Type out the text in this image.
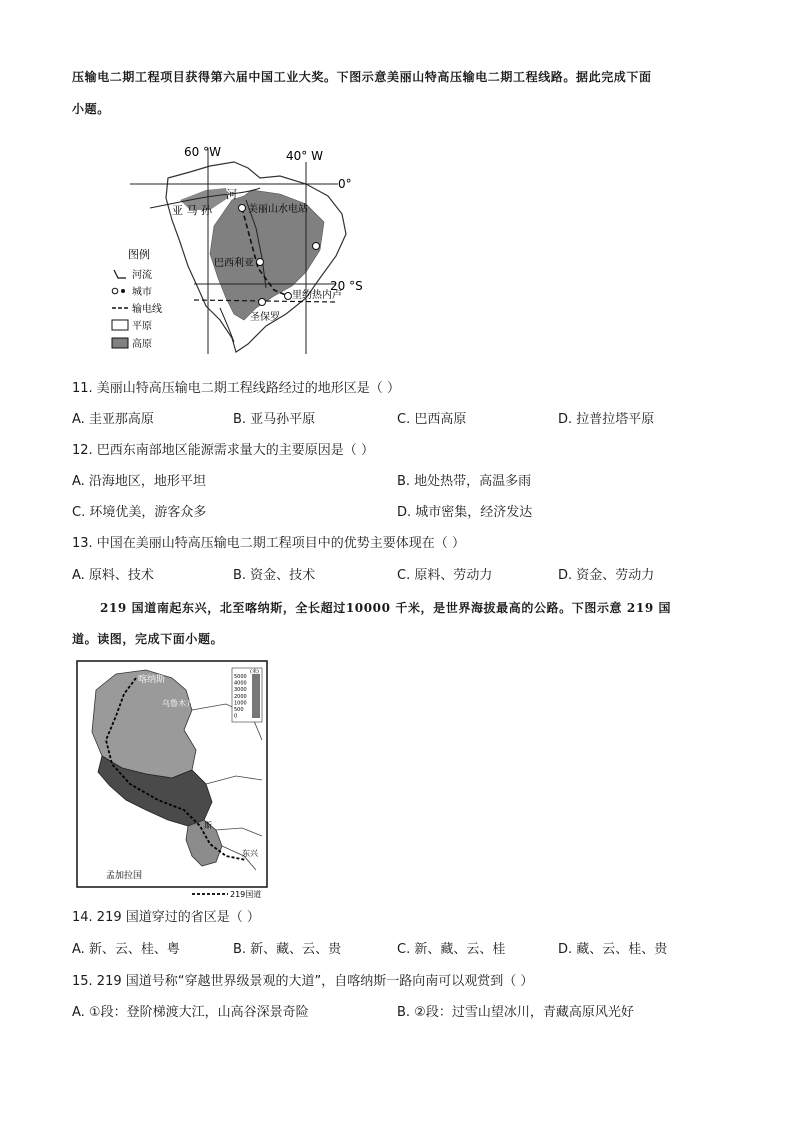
压输电二期工程项目获得第六届中国工业大奖。下图示意美丽山特高压输电二期工程线路。据此完成下面
小题。
60 °W	40° W
0°
20 °S
河
亚 马 孙	美丽山水电站
巴西利亚
里约热内卢
圣保罗
图例
河流
城市
输电线
平原
高原
11. 美丽山特高压输电二期工程线路经过的地形区是（ ）
A. 圭亚那高原	B. 亚马孙平原	C. 巴西高原	D. 拉普拉塔平原
12. 巴西东南部地区能源需求量大的主要原因是（ ）
A. 沿海地区，地形平坦	B. 地处热带，高温多雨
C. 环境优美，游客众多	D. 城市密集，经济发达
13. 中国在美丽山特高压输电二期工程项目中的优势主要体现在（ ）
A. 原料、技术	B. 资金、技术	C. 原料、劳动力	D. 资金、劳动力
219 国道南起东兴，北至喀纳斯，全长超过10000 千米，是世界海拔最高的公路。下图示意 219 国
道。读图，完成下面小题。
5000
4000
3000
2000
1000
500
0
(米)
喀纳斯
乌鲁木齐
斯
东兴
孟加拉国
219国道
14. 219 国道穿过的省区是（ ）
A. 新、云、桂、粤	B. 新、藏、云、贵	C. 新、藏、云、桂	D. 藏、云、桂、贵
15. 219 国道号称“穿越世界级景观的大道”，自喀纳斯一路向南可以观赏到（ ）
A. ①段：登阶梯渡大江，山高谷深景奇险	B. ②段：过雪山望冰川，青藏高原风光好
